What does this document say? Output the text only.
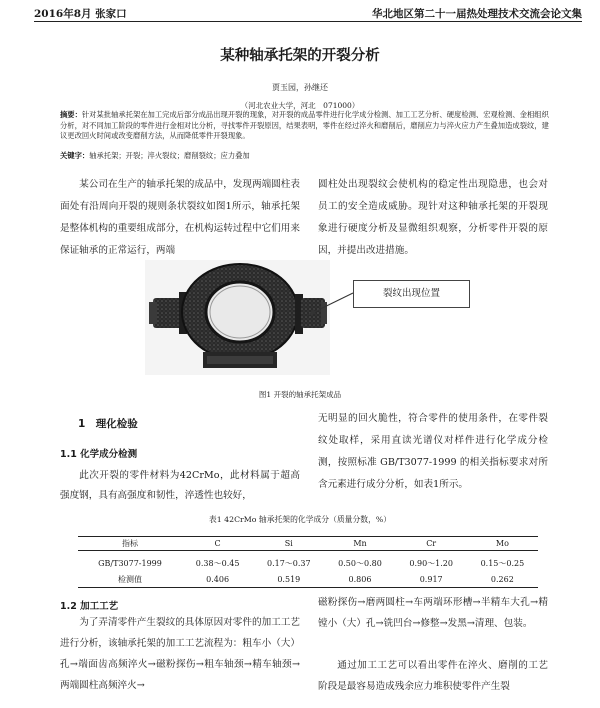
2016年8月 张家口	华北地区第二十一届热处理技术交流会论文集
某种轴承托架的开裂分析
贾玉园，孙继还
（河北农业大学，河北　071000）
摘要：针对某批轴承托架在加工完成后部分成品出现开裂的现象，对开裂的成品零件进行化学成分检测、加工工艺分析、硬度检测、宏观检测、金相组织分析，对不同加工阶段的零件进行金相对比分析，寻找零件开裂原因，结果表明，零件在经过淬火和磨削后，磨削应力与淬火应力产生叠加造成裂纹，建议更改回火时间或改变磨削方法，从而降低零件开裂现象。
关键字：轴承托架；开裂；淬火裂纹；磨削裂纹；应力叠加
某公司在生产的轴承托架的成品中，发现两端圆柱表面处有沿周向开裂的规则条状裂纹如图1所示，轴承托架是整体机构的重要组成部分，在机构运转过程中它们用来保证轴承的正常运行，两端
圆柱处出现裂纹会使机构的稳定性出现隐患，也会对员工的安全造成威胁。现针对这种轴承托架的开裂现象进行硬度分析及显微组织观察，分析零件开裂的原因，并提出改进措施。
裂纹出现位置
图1 开裂的轴承托架成品
1　理化检验
1.1 化学成分检测
此次开裂的零件材料为42CrMo，此材料属于超高强度钢，具有高强度和韧性，淬透性也较好，
无明显的回火脆性，符合零件的使用条件，在零件裂纹处取样，采用直读光谱仪对样件进行化学成分检测，按照标准 GB/T3077-1999 的相关指标要求对所含元素进行成分分析，如表1所示。
表1 42CrMo 轴承托架的化学成分（质量分数，%）
指标	C	Si	Mn	Cr	Mo
GB/T3077-1999	0.38～0.45	0.17～0.37	0.50～0.80	0.90～1.20	0.15～0.25
检测值	0.406	0.519	0.806	0.917	0.262
1.2 加工工艺
为了弄清零件产生裂纹的具体原因对零件的加工工艺进行分析，该轴承托架的加工工艺流程为：粗车小（大）孔→端面齿高频淬火→磁粉探伤→粗车轴颈→精车轴颈→两端圆柱高频淬火→
磁粉探伤→磨两圆柱→车两端环形槽→半精车大孔→精镗小（大）孔→铣凹台→修整→发黑→清理、包装。
通过加工工艺可以看出零件在淬火、磨削的工艺阶段是最容易造成残余应力堆积使零件产生裂
